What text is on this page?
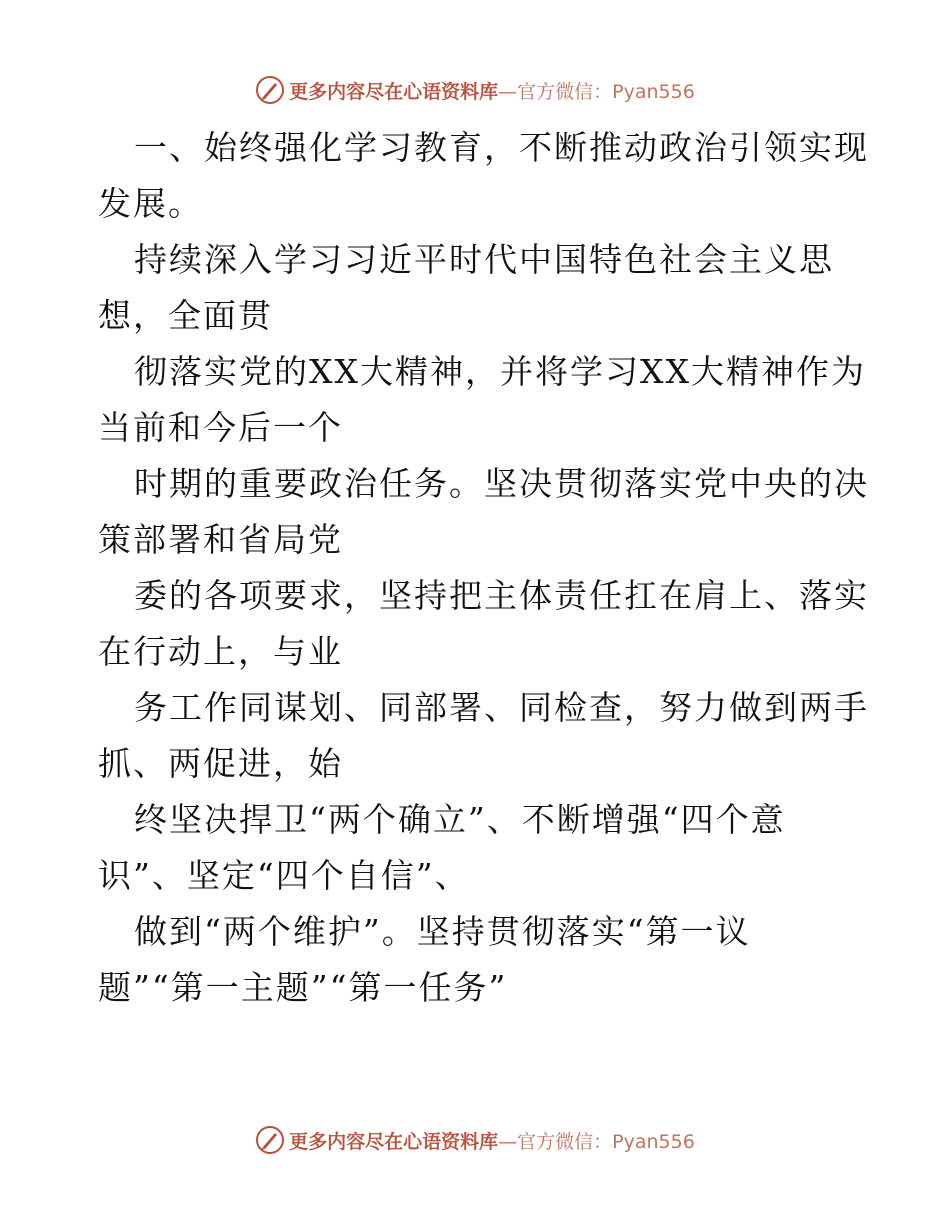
更多内容尽在心语资料库—官方微信：Pyan556
一、始终强化学习教育，不断推动政治引领实现
发展。
持续深入学习习近平时代中国特色社会主义思
想，全面贯
彻落实党的XX大精神，并将学习XX大精神作为
当前和今后一个
时期的重要政治任务。坚决贯彻落实党中央的决
策部署和省局党
委的各项要求，坚持把主体责任扛在肩上、落实
在行动上，与业
务工作同谋划、同部署、同检查，努力做到两手
抓、两促进，始
终坚决捍卫“两个确立”、不断增强“四个意
识”、坚定“四个自信”、
做到“两个维护”。坚持贯彻落实“第一议
题”“第一主题”“第一任务”
更多内容尽在心语资料库—官方微信：Pyan556
